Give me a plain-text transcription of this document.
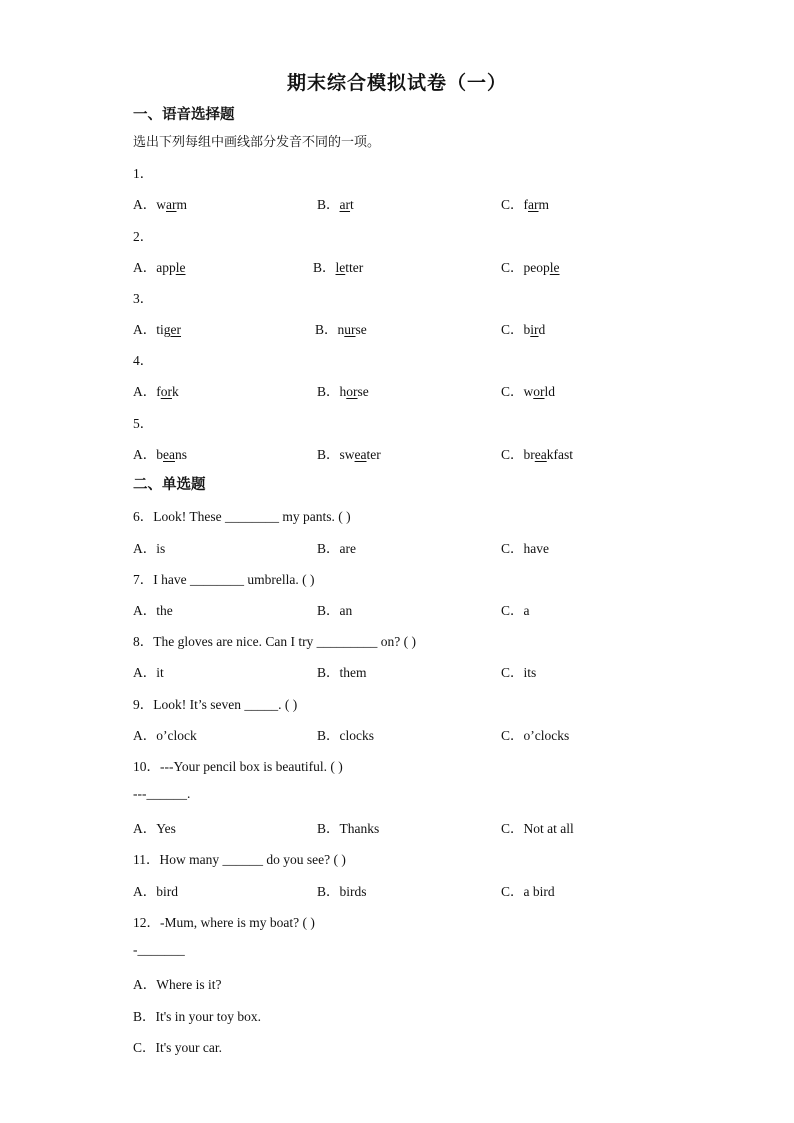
期末综合模拟试卷（一）
一、语音选择题
选出下列每组中画线部分发音不同的一项。
1．
A．warm	B．art	C．farm
2．
A．apple	B．letter	C．people
3．
A．tiger	B．nurse	C．bird
4．
A．fork	B．horse	C．world
5．
A．beans	B．sweater	C．breakfast
二、单选题
6．Look! These ________ my pants. ( )
A．is	B．are	C．have
7．I have ________ umbrella. ( )
A．the	B．an	C．a
8．The gloves are nice. Can I try _________ on? ( )
A．it	B．them	C．its
9．Look! It’s seven _____. ( )
A．o’clock	B．clocks	C．o’clocks
10．---Your pencil box is beautiful. ( )
---______.
A．Yes	B．Thanks	C．Not at all
11．How many ______ do you see? ( )
A．bird	B．birds	C．a bird
12．-Mum, where is my boat? ( )
-_______
A．Where is it?
B．It's in your toy box.
C．It's your car.
